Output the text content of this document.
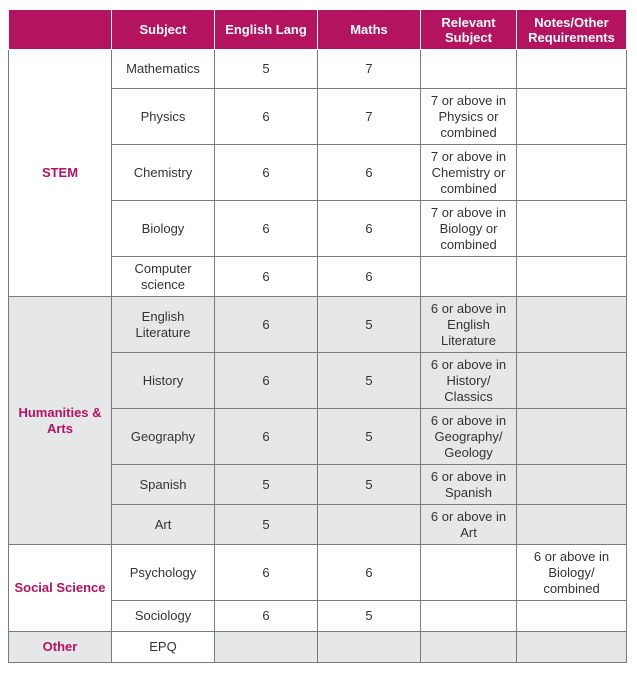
	Subject	English Lang	Maths	Relevant Subject	Notes/Other Requirements
STEM	Mathematics	5	7		
	Physics	6	7	7 or above in Physics or combined	
	Chemistry	6	6	7 or above in Chemistry or combined	
	Biology	6	6	7 or above in Biology or combined	
	Computer science	6	6		
Humanities & Arts	English Literature	6	5	6 or above in English Literature	
	History	6	5	6 or above in History/ Classics	
	Geography	6	5	6 or above in Geography/ Geology	
	Spanish	5	5	6 or above in Spanish	
	Art	5		6 or above in Art	
Social Science	Psychology	6	6		6 or above in Biology/ combined
	Sociology	6	5		
Other	EPQ				
